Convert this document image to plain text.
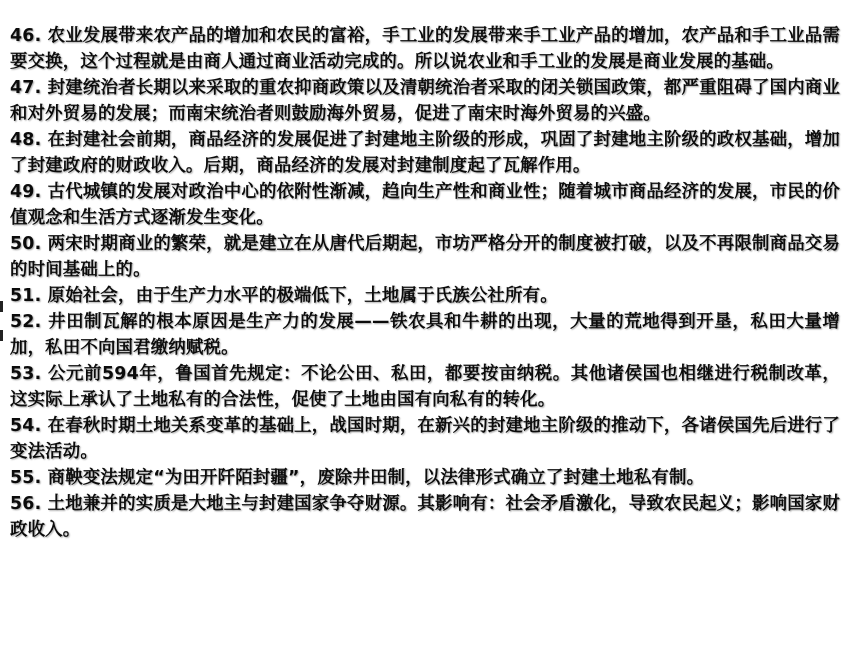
46. 农业发展带来农产品的增加和农民的富裕，手工业的发展带来手工业产品的增加，农产品和手工业品需要交换，这个过程就是由商人通过商业活动完成的。所以说农业和手工业的发展是商业发展的基础。

47. 封建统治者长期以来采取的重农抑商政策以及清朝统治者采取的闭关锁国政策，都严重阻碍了国内商业和对外贸易的发展；而南宋统治者则鼓励海外贸易，促进了南宋时海外贸易的兴盛。

48. 在封建社会前期，商品经济的发展促进了封建地主阶级的形成，巩固了封建地主阶级的政权基础，增加了封建政府的财政收入。后期，商品经济的发展对封建制度起了瓦解作用。

49. 古代城镇的发展对政治中心的依附性渐减，趋向生产性和商业性；随着城市商品经济的发展，市民的价值观念和生活方式逐渐发生变化。

50. 两宋时期商业的繁荣，就是建立在从唐代后期起，市坊严格分开的制度被打破，以及不再限制商品交易的时间基础上的。

51. 原始社会，由于生产力水平的极端低下，土地属于氏族公社所有。

52. 井田制瓦解的根本原因是生产力的发展——铁农具和牛耕的出现，大量的荒地得到开垦，私田大量增加，私田不向国君缴纳赋税。

53. 公元前594年，鲁国首先规定：不论公田、私田，都要按亩纳税。其他诸侯国也相继进行税制改革，这实际上承认了土地私有的合法性，促使了土地由国有向私有的转化。

54. 在春秋时期土地关系变革的基础上，战国时期，在新兴的封建地主阶级的推动下，各诸侯国先后进行了变法活动。

55. 商鞅变法规定“为田开阡陌封疆”，废除井田制，以法律形式确立了封建土地私有制。

56. 土地兼并的实质是大地主与封建国家争夺财源。其影响有：社会矛盾激化，导致农民起义；影响国家财政收入。
